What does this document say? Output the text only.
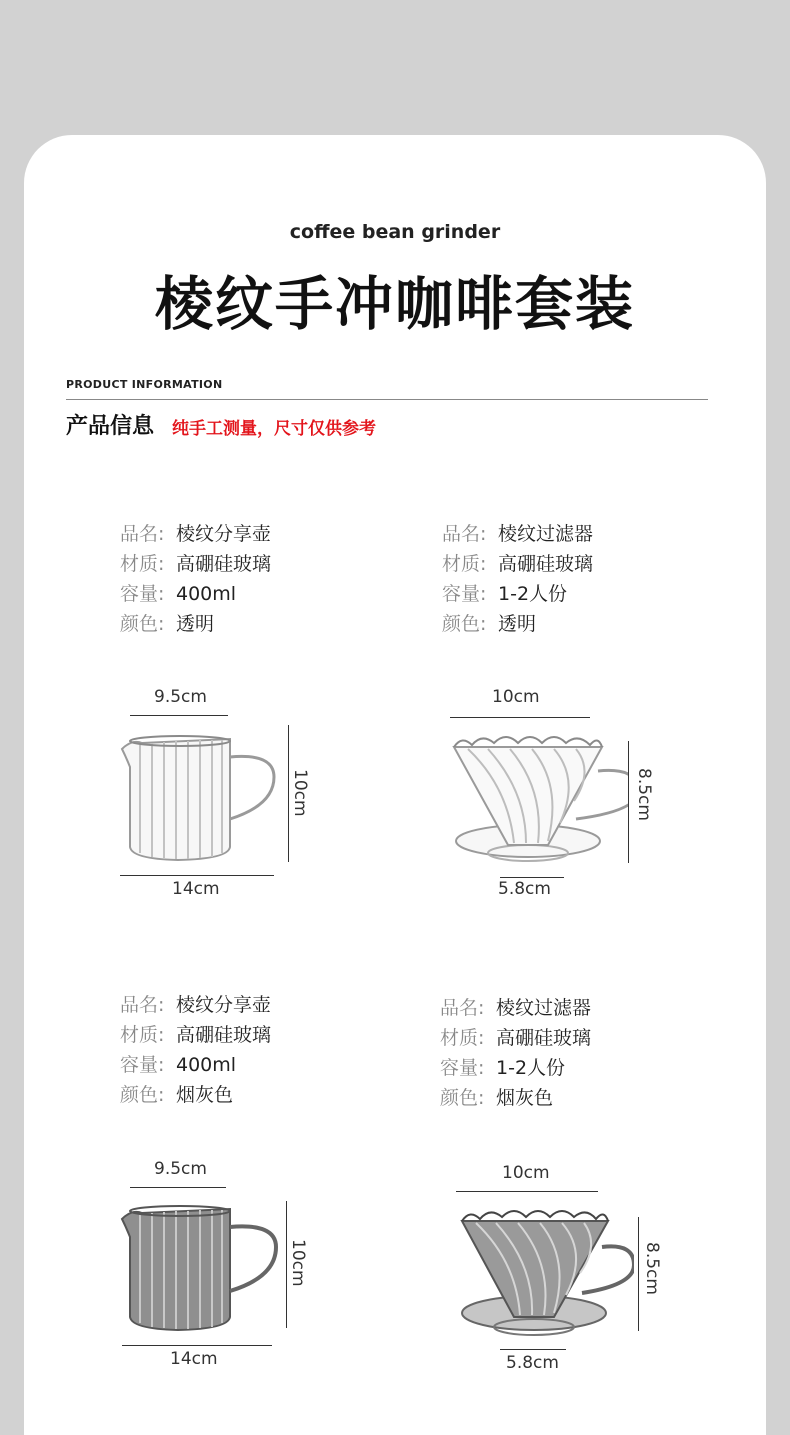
coffee bean grinder
棱纹手冲咖啡套装
PRODUCT INFORMATION
产品信息 纯手工测量，尺寸仅供参考
品名: 棱纹分享壶
材质: 高硼硅玻璃
容量: 400ml
颜色: 透明
9.5cm
10cm
14cm
品名: 棱纹过滤器
材质: 高硼硅玻璃
容量: 1-2人份
颜色: 透明
10cm
8.5cm
5.8cm
品名: 棱纹分享壶
材质: 高硼硅玻璃
容量: 400ml
颜色: 烟灰色
9.5cm
10cm
14cm
品名: 棱纹过滤器
材质: 高硼硅玻璃
容量: 1-2人份
颜色: 烟灰色
10cm
8.5cm
5.8cm
